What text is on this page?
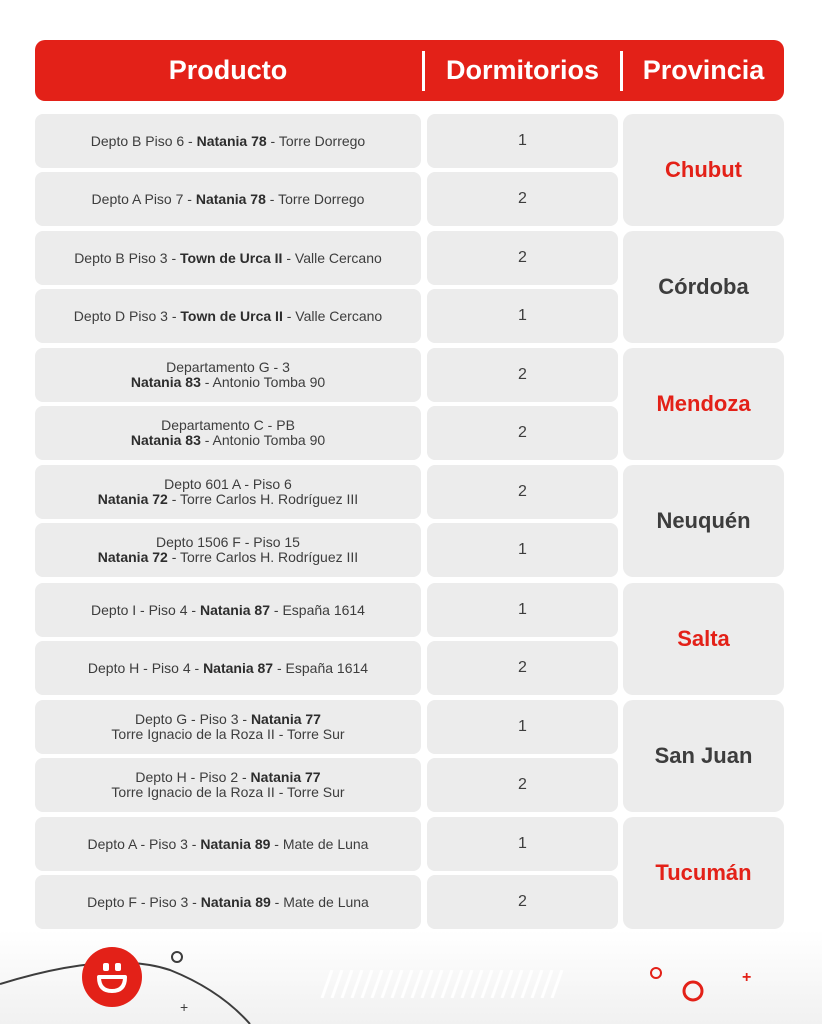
Producto	Dormitorios	Provincia
Depto B Piso 6 - Natania 78 - Torre Dorrego	1
Depto A Piso 7 - Natania 78 - Torre Dorrego	2
Chubut
Depto B Piso 3 - Town de Urca II - Valle Cercano	2
Depto D Piso 3 - Town de Urca II - Valle Cercano	1
Córdoba
Departamento G - 3
Natania 83 - Antonio Tomba 90	2
Departamento C - PB
Natania 83 - Antonio Tomba 90	2
Mendoza
Depto 601 A - Piso 6
Natania 72 - Torre Carlos H. Rodríguez III	2
Depto 1506 F - Piso 15
Natania 72 - Torre Carlos H. Rodríguez III	1
Neuquén
Depto I - Piso 4 - Natania 87 - España 1614	1
Depto H - Piso 4 - Natania 87 - España 1614	2
Salta
Depto G - Piso 3 - Natania 77
Torre Ignacio de la Roza II - Torre Sur	1
Depto H - Piso 2 - Natania 77
Torre Ignacio de la Roza II - Torre Sur	2
San Juan
Depto A - Piso 3 - Natania 89 - Mate de Luna	1
Depto F - Piso 3 - Natania 89 - Mate de Luna	2
Tucumán
+
+
